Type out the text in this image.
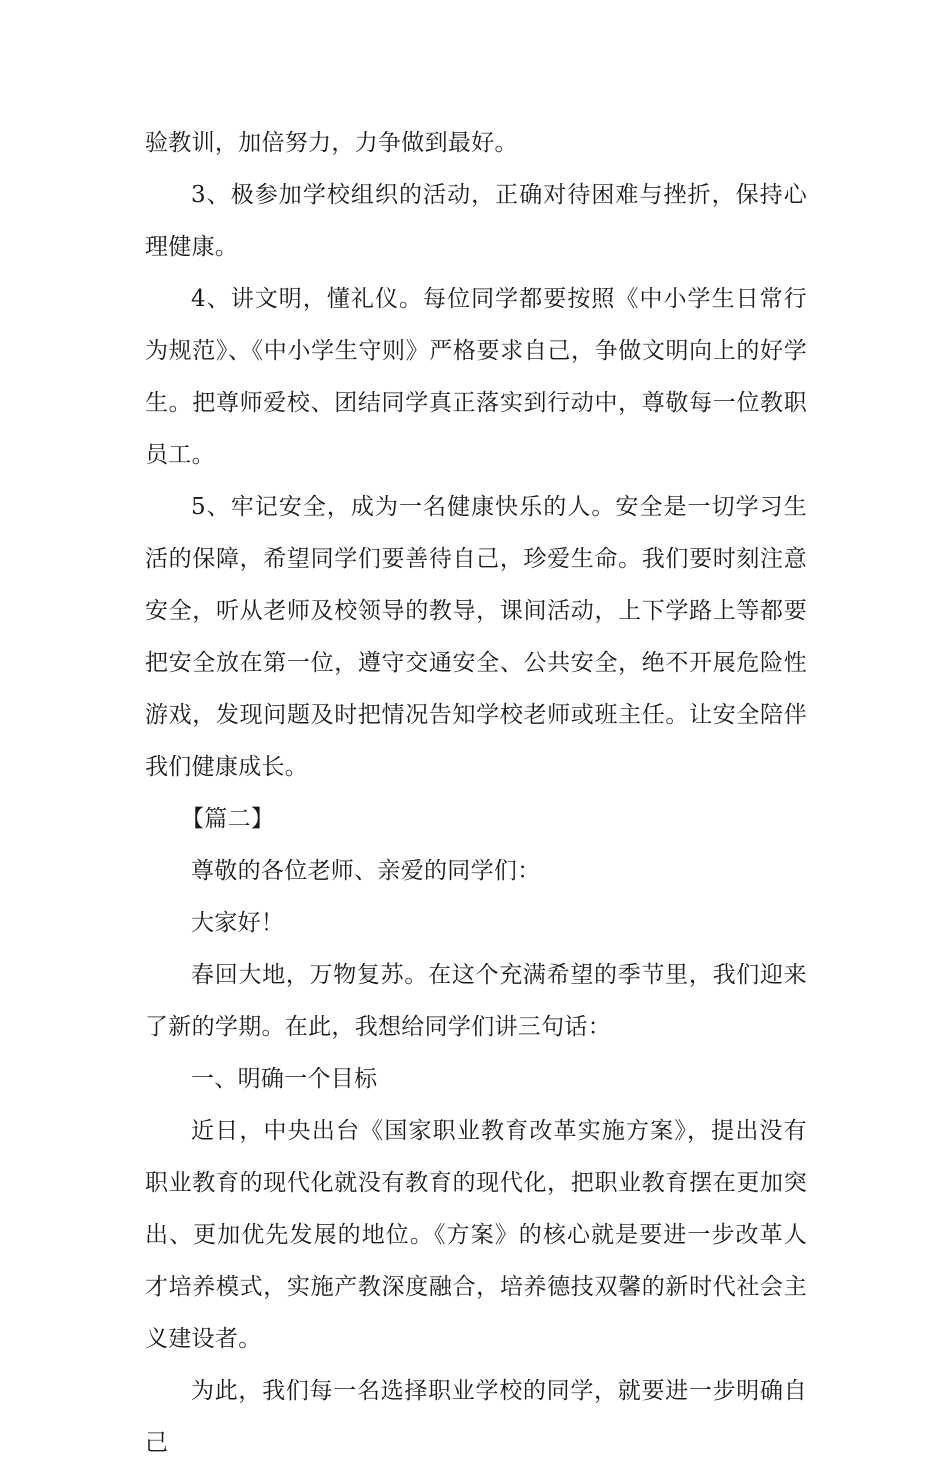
验教训，加倍努力，力争做到最好。

3、极参加学校组织的活动，正确对待困难与挫折，保持心理健康。

4、讲文明，懂礼仪。每位同学都要按照《中小学生日常行为规范》、《中小学生守则》严格要求自己，争做文明向上的好学生。把尊师爱校、团结同学真正落实到行动中，尊敬每一位教职员工。

5、牢记安全，成为一名健康快乐的人。安全是一切学习生活的保障，希望同学们要善待自己，珍爱生命。我们要时刻注意安全，听从老师及校领导的教导，课间活动，上下学路上等都要把安全放在第一位，遵守交通安全、公共安全，绝不开展危险性游戏，发现问题及时把情况告知学校老师或班主任。让安全陪伴我们健康成长。

【篇二】

尊敬的各位老师、亲爱的同学们：

大家好！

春回大地，万物复苏。在这个充满希望的季节里，我们迎来了新的学期。在此，我想给同学们讲三句话：

一、明确一个目标

近日，中央出台《国家职业教育改革实施方案》，提出没有职业教育的现代化就没有教育的现代化，把职业教育摆在更加突出、更加优先发展的地位。《方案》的核心就是要进一步改革人才培养模式，实施产教深度融合，培养德技双馨的新时代社会主义建设者。

为此，我们每一名选择职业学校的同学，就要进一步明确自己
